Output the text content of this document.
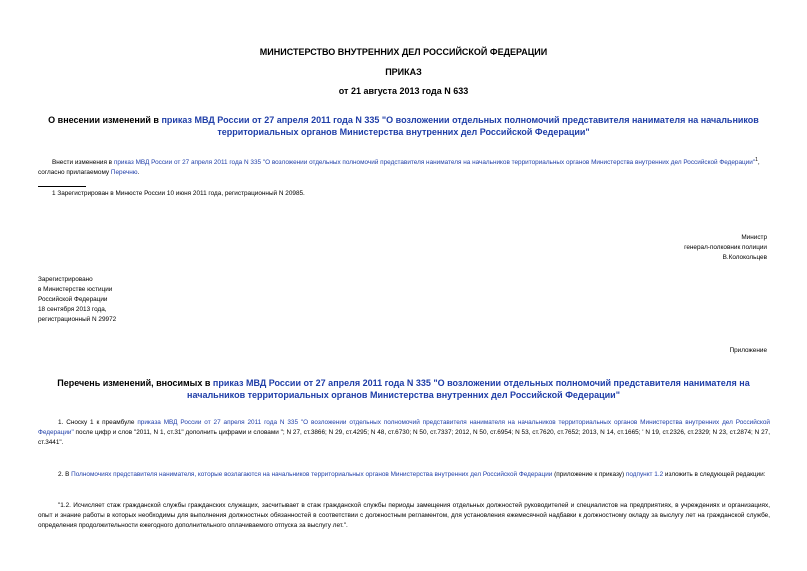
МИНИСТЕРСТВО ВНУТРЕННИХ ДЕЛ РОССИЙСКОЙ ФЕДЕРАЦИИ
ПРИКАЗ
от 21 августа 2013 года N 633
О внесении изменений в приказ МВД России от 27 апреля 2011 года N 335 "О возложении отдельных полномочий представителя нанимателя на начальников территориальных органов Министерства внутренних дел Российской Федерации"
Внести изменения в приказ МВД России от 27 апреля 2011 года N 335 "О возложении отдельных полномочий представителя нанимателя на начальников территориальных органов Министерства внутренних дел Российской Федерации"$^1$, согласно прилагаемому Перечню.
1 Зарегистрирован в Минюсте России 10 июня 2011 года, регистрационный N 20985.
Министр
генерал-полковник полиции
В.Колокольцев
Зарегистрировано
в Министерстве юстиции
Российской Федерации
18 сентября 2013 года,
регистрационный N 29972
Приложение
Перечень изменений, вносимых в приказ МВД России от 27 апреля 2011 года N 335 "О возложении отдельных полномочий представителя нанимателя на начальников территориальных органов Министерства внутренних дел Российской Федерации"
1. Сноску 1 к преамбуле приказа МВД России от 27 апреля 2011 года N 335 "О возложении отдельных полномочий представителя нанимателя на начальников территориальных органов Министерства внутренних дел Российской Федерации" после цифр и слов "2011, N 1, ст.31" дополнить цифрами и словами "; N 27, ст.3866; N 29, ст.4295; N 48, ст.6730; N 50, ст.7337; 2012, N 50, ст.6954; N 53, ст.7620, ст.7652; 2013, N 14, ст.1665; ' N 19, ст.2326, ст.2329; N 23, ст.2874; N 27, ст.3441".
2. В Полномочиях представителя нанимателя, которые возлагаются на начальников территориальных органов Министерства внутренних дел Российской Федерации (приложение к приказу) подпункт 1.2 изложить в следующей редакции:
"1.2. Исчисляет стаж гражданской службы гражданских служащих, засчитывает в стаж гражданской службы периоды замещения отдельных должностей руководителей и специалистов на предприятиях, в учреждениях и организациях, опыт и знание работы в которых необходимы для выполнения должностных обязанностей в соответствии с должностным регламентом, для установления ежемесячной надбавки к должностному окладу за выслугу лет на гражданской службе, определения продолжительности ежегодного дополнительного оплачиваемого отпуска за выслугу лет.".
